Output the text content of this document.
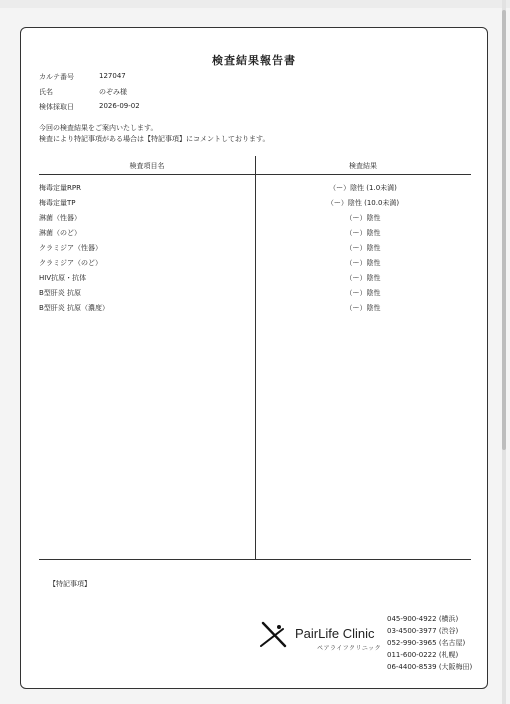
検査結果報告書
カルテ番号	127047
氏名	のぞみ様
検体採取日	2026-09-02
今回の検査結果をご案内いたします。
検査により特記事項がある場合は【特記事項】にコメントしております。
検査項目名	検査結果
梅毒定量RPR	（ー）陰性 (1.0未満)
梅毒定量TP	（ー）陰性 (10.0未満)
淋菌（性器）	（ー）陰性
淋菌（のど）	（ー）陰性
クラミジア（性器）	（ー）陰性
クラミジア（のど）	（ー）陰性
HIV抗原・抗体	（ー）陰性
B型肝炎 抗原	（ー）陰性
B型肝炎 抗原（濃度）	（ー）陰性
【特記事項】
PairLife Clinic
ペアライフクリニック
045-900-4922 (横浜)
03-4500-3977 (渋谷)
052-990-3965 (名古屋)
011-600-0222 (札幌)
06-4400-8539 (大阪梅田)
